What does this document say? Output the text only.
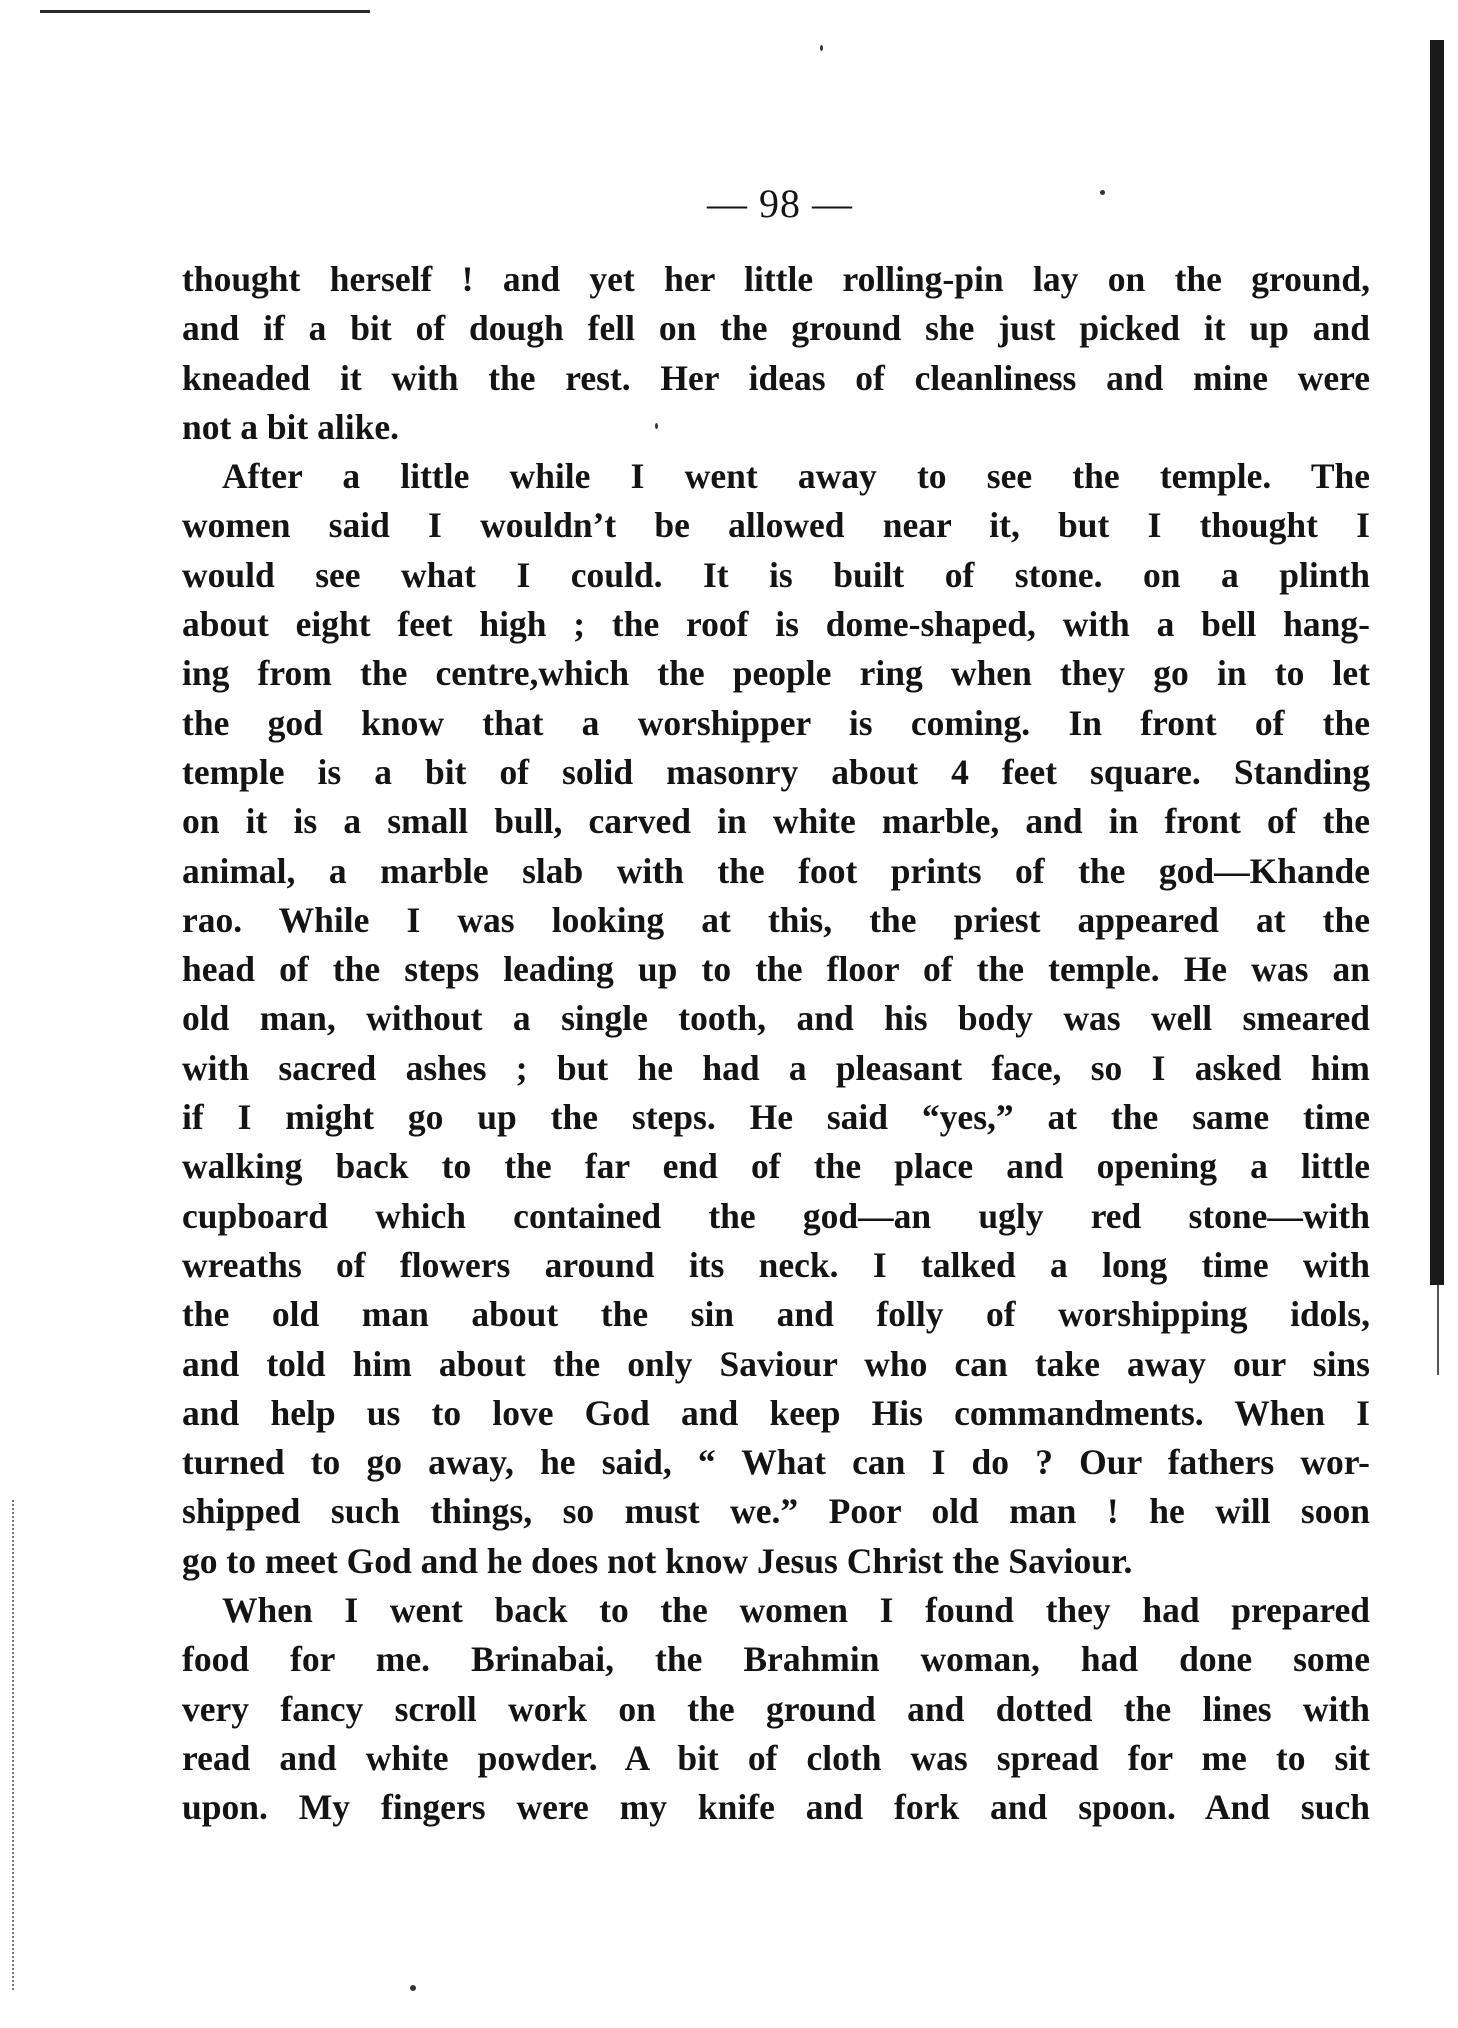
— 98 —
thought herself ! and yet her little rolling-pin lay on the ground,
and if a bit of dough fell on the ground she just picked it up and
kneaded it with the rest. Her ideas of cleanliness and mine were
not a bit alike.
After a little while I went away to see the temple. The
women said I wouldn’t be allowed near it, but I thought I
would see what I could. It is built of stone. on a plinth
about eight feet high ; the roof is dome-shaped, with a bell hang-
ing from the centre,which the people ring when they go in to let
the god know that a worshipper is coming. In front of the
temple is a bit of solid masonry about 4 feet square. Standing
on it is a small bull, carved in white marble, and in front of the
animal, a marble slab with the foot prints of the god—Khande
rao. While I was looking at this, the priest appeared at the
head of the steps leading up to the floor of the temple. He was an
old man, without a single tooth, and his body was well smeared
with sacred ashes ; but he had a pleasant face, so I asked him
if I might go up the steps. He said “yes,” at the same time
walking back to the far end of the place and opening a little
cupboard which contained the god—an ugly red stone—with
wreaths of flowers around its neck. I talked a long time with
the old man about the sin and folly of worshipping idols,
and told him about the only Saviour who can take away our sins
and help us to love God and keep His commandments. When I
turned to go away, he said, “ What can I do ? Our fathers wor-
shipped such things, so must we.” Poor old man ! he will soon
go to meet God and he does not know Jesus Christ the Saviour.
When I went back to the women I found they had prepared
food for me. Brinabai, the Brahmin woman, had done some
very fancy scroll work on the ground and dotted the lines with
read and white powder. A bit of cloth was spread for me to sit
upon. My fingers were my knife and fork and spoon. And such
